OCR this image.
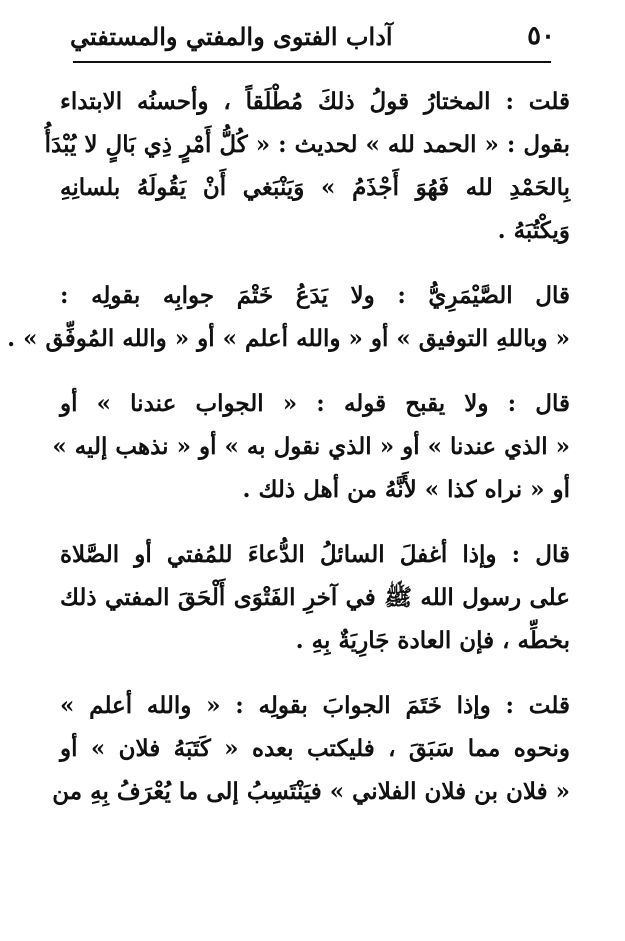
٥٠
آداب الفتوى والمفتي والمستفتي
قلت : المختارُ قولُ ذلكَ مُطْلَقاً ، وأحسنُه الابتداء
بقول : « الحمد لله » لحديث : « كُلُّ أَمْرٍ ذِي بَالٍ لا يُبْدَأُ
بِالحَمْدِ لله فَهُوَ أَجْذَمُ » وَيَنْبَغي أَنْ يَقُولَهُ بلسانِهِ
وَيكْتُبَهُ .
قال الصَّيْمَرِيُّ : ولا يَدَعُ خَتْمَ جوابِه بقولِه :
« وباللهِ التوفيق » أو « والله أعلم » أو « والله المُوفِّق » .
قال : ولا يقبح قوله : « الجواب عندنا » أو
« الذي عندنا » أو « الذي نقول به » أو « نذهب إليه »
أو « نراه كذا » لأَنَّهُ من أهل ذلك .
قال : وإذا أغفلَ السائلُ الدُّعاءَ للمُفتي أو الصَّلاة
على رسول الله ﷺ في آخرِ الفَتْوَى أَلْحَقَ المفتي ذلك
بخطِّه ، فإن العادة جَارِيَةٌ بِهِ .
قلت : وإذا خَتَمَ الجوابَ بقولِه : « والله أعلم »
ونحوه مما سَبَقَ ، فليكتب بعده « كَتَبَهُ فلان » أو
« فلان بن فلان الفلاني » فيَنْتَسِبُ إلى ما يُعْرَفُ بِهِ من
